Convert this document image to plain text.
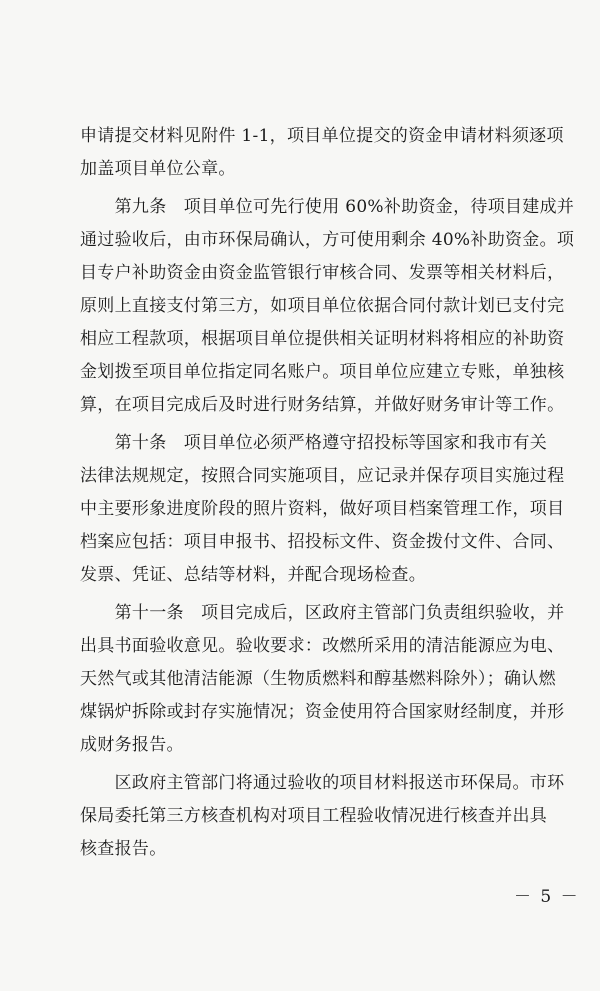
申请提交材料见附件 1-1，项目单位提交的资金申请材料须逐项
加盖项目单位公章。
　　第九条　项目单位可先行使用 60%补助资金，待项目建成并
通过验收后，由市环保局确认，方可使用剩余 40%补助资金。项
目专户补助资金由资金监管银行审核合同、发票等相关材料后，
原则上直接支付第三方，如项目单位依据合同付款计划已支付完
相应工程款项，根据项目单位提供相关证明材料将相应的补助资
金划拨至项目单位指定同名账户。项目单位应建立专账，单独核
算，在项目完成后及时进行财务结算，并做好财务审计等工作。
　　第十条　项目单位必须严格遵守招投标等国家和我市有关
法律法规规定，按照合同实施项目，应记录并保存项目实施过程
中主要形象进度阶段的照片资料，做好项目档案管理工作，项目
档案应包括：项目申报书、招投标文件、资金拨付文件、合同、
发票、凭证、总结等材料，并配合现场检查。
　　第十一条　项目完成后，区政府主管部门负责组织验收，并
出具书面验收意见。验收要求：改燃所采用的清洁能源应为电、
天然气或其他清洁能源（生物质燃料和醇基燃料除外）；确认燃
煤锅炉拆除或封存实施情况；资金使用符合国家财经制度，并形
成财务报告。
　　区政府主管部门将通过验收的项目材料报送市环保局。市环
保局委托第三方核查机构对项目工程验收情况进行核查并出具
核查报告。
－ 5 －
